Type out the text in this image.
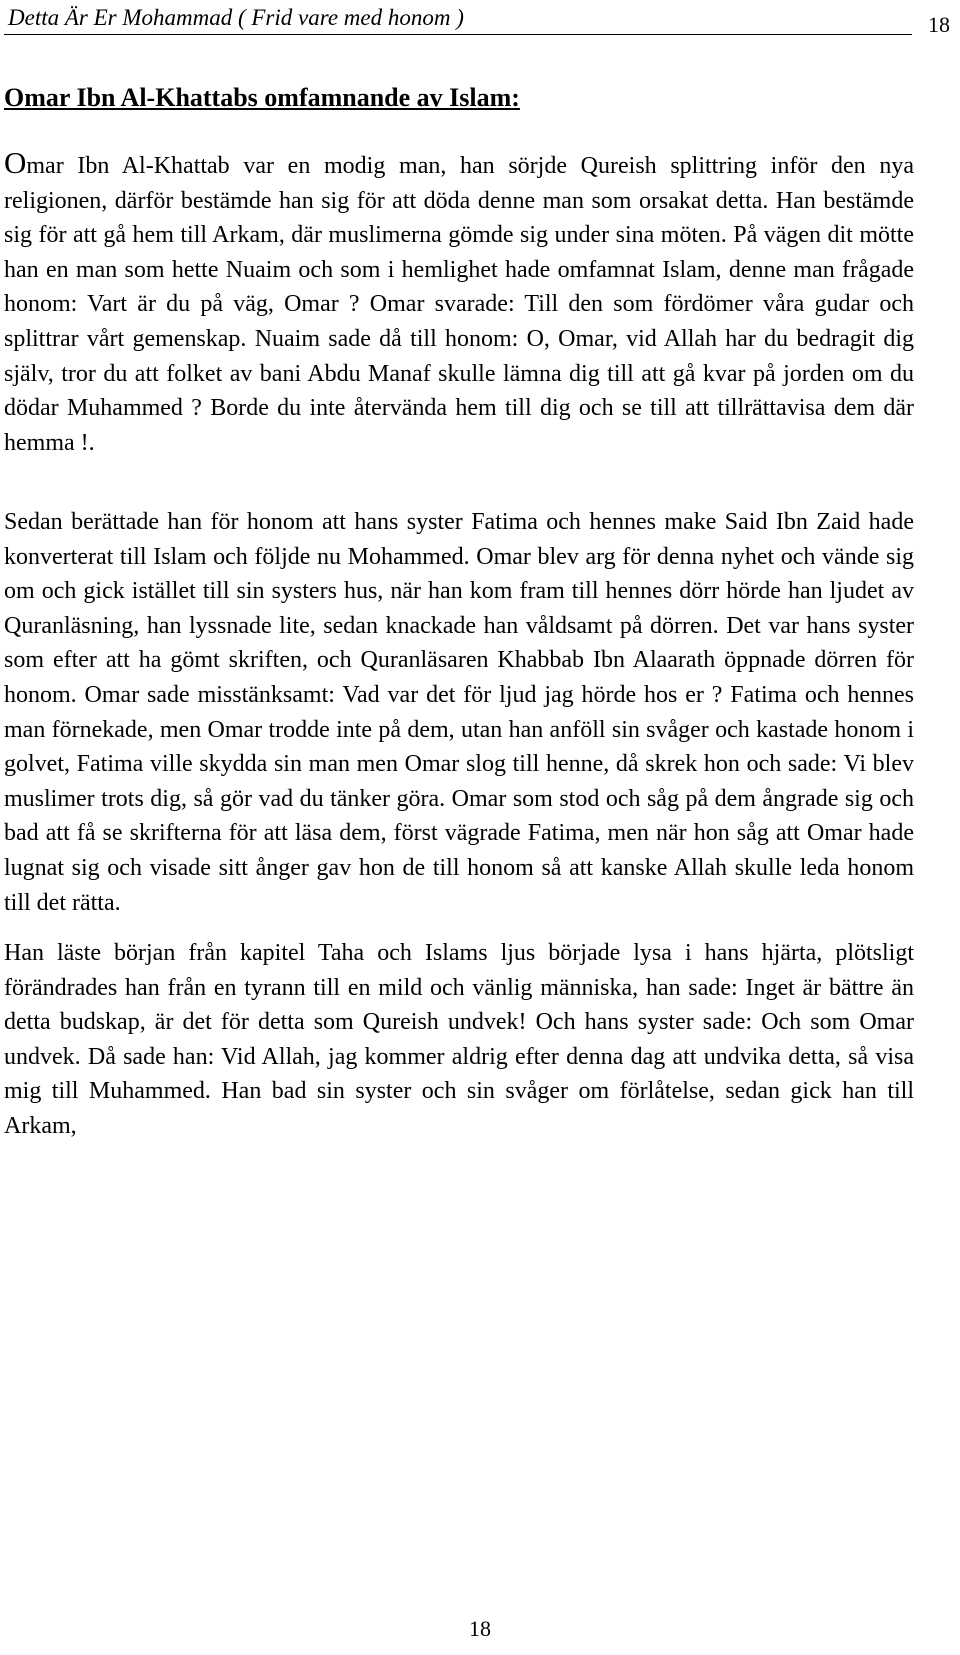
Detta Är Er Mohammad ( Frid vare med honom )	18
Omar Ibn Al-Khattabs omfamnande av Islam:

Omar Ibn Al-Khattab var en modig man, han sörjde Qureish splittring inför den nya religionen, därför bestämde han sig för att döda denne man som orsakat detta. Han bestämde sig för att gå hem till Arkam, där muslimerna gömde sig under sina möten. På vägen dit mötte han en man som hette Nuaim och som i hemlighet hade omfamnat Islam, denne man frågade honom: Vart är du på väg, Omar ? Omar svarade: Till den som fördömer våra gudar och splittrar vårt gemenskap. Nuaim sade då till honom: O, Omar, vid Allah har du bedragit dig själv, tror du att folket av bani Abdu Manaf skulle lämna dig till att gå kvar på jorden om du dödar Muhammed ? Borde du inte återvända hem till dig och se till att tillrättavisa dem där hemma !.

Sedan berättade han för honom att hans syster Fatima och hennes make Said Ibn Zaid hade konverterat till Islam och följde nu Mohammed. Omar blev arg för denna nyhet och vände sig om och gick istället till sin systers hus, när han kom fram till hennes dörr hörde han ljudet av Quranläsning, han lyssnade lite, sedan knackade han våldsamt på dörren. Det var hans syster som efter att ha gömt skriften, och Quranläsaren Khabbab Ibn Alaarath öppnade dörren för honom. Omar sade misstänksamt: Vad var det för ljud jag hörde hos er ? Fatima och hennes man förnekade, men Omar trodde inte på dem, utan han anföll sin svåger och kastade honom i golvet, Fatima ville skydda sin man men Omar slog till henne, då skrek hon och sade: Vi blev muslimer trots dig, så gör vad du tänker göra. Omar som stod och såg på dem ångrade sig och bad att få se skrifterna för att läsa dem, först vägrade Fatima, men när hon såg att Omar hade lugnat sig och visade sitt ånger gav hon de till honom så att kanske Allah skulle leda honom till det rätta.

Han läste början från kapitel Taha och Islams ljus började lysa i hans hjärta, plötsligt förändrades han från en tyrann till en mild och vänlig människa, han sade: Inget är bättre än detta budskap, är det för detta som Qureish undvek! Och hans syster sade: Och som Omar undvek. Då sade han: Vid Allah, jag kommer aldrig efter denna dag att undvika detta, så visa mig till Muhammed. Han bad sin syster och sin svåger om förlåtelse, sedan gick han till Arkam,

18
